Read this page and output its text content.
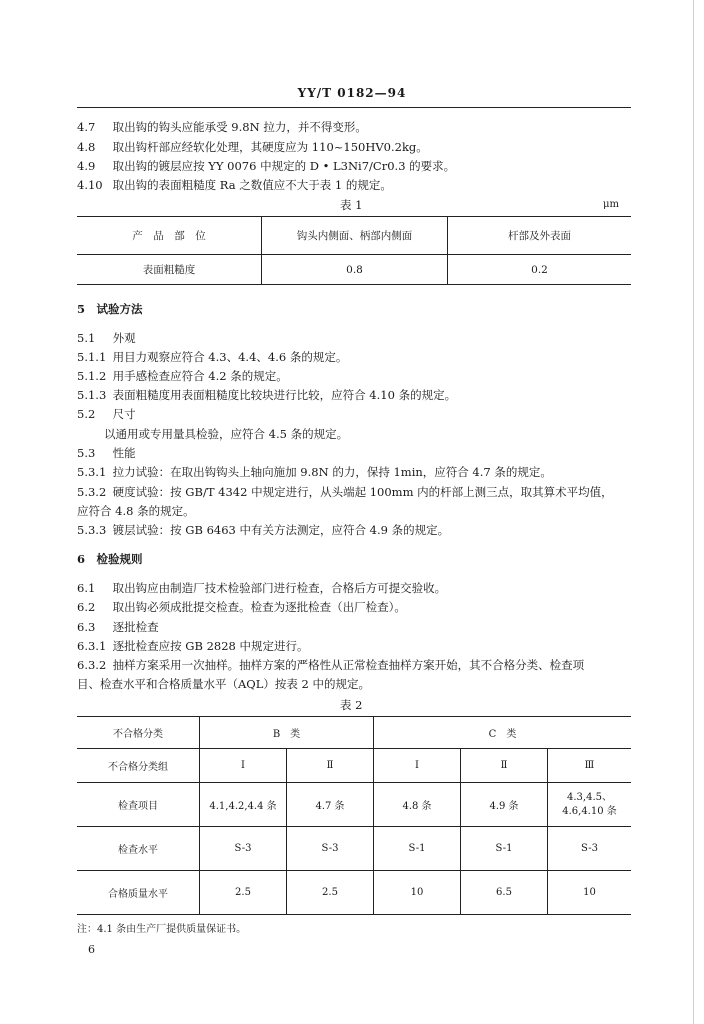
YY/T 0182—94
4.7 取出钩的钩头应能承受 9.8N 拉力，并不得变形。
4.8 取出钩杆部应经软化处理，其硬度应为 110~150HV0.2kg。
4.9 取出钩的镀层应按 YY 0076 中规定的 D • L3Ni7/Cr0.3 的要求。
4.10 取出钩的表面粗糙度 Ra 之数值应不大于表 1 的规定。
表 1	μm
产　品　部　位	钩头内侧面、柄部内侧面	杆部及外表面
表面粗糙度	0.8	0.2
5　试验方法
5.1 外观
5.1.1 用目力观察应符合 4.3、4.4、4.6 条的规定。
5.1.2 用手感检查应符合 4.2 条的规定。
5.1.3 表面粗糙度用表面粗糙度比较块进行比较，应符合 4.10 条的规定。
5.2 尺寸
以通用或专用量具检验，应符合 4.5 条的规定。
5.3 性能
5.3.1 拉力试验：在取出钩钩头上轴向施加 9.8N 的力，保持 1min，应符合 4.7 条的规定。
5.3.2 硬度试验：按 GB/T 4342 中规定进行，从头端起 100mm 内的杆部上测三点，取其算术平均值，
应符合 4.8 条的规定。
5.3.3 镀层试验：按 GB 6463 中有关方法测定，应符合 4.9 条的规定。
6　检验规则
6.1 取出钩应由制造厂技术检验部门进行检查，合格后方可提交验收。
6.2 取出钩必须成批提交检查。检查为逐批检查（出厂检查）。
6.3 逐批检查
6.3.1 逐批检查应按 GB 2828 中规定进行。
6.3.2 抽样方案采用一次抽样。抽样方案的严格性从正常检查抽样方案开始，其不合格分类、检查项
目、检查水平和合格质量水平（AQL）按表 2 中的规定。
表 2
不合格分类	B　类		C　类		
不合格分类组	Ⅰ	Ⅱ	Ⅰ	Ⅱ	Ⅲ
检查项目	4.1,4.2,4.4 条	4.7 条	4.8 条	4.9 条	4.3,4.5、
4.6,4.10 条
检查水平	S-3	S-3	S-1	S-1	S-3
合格质量水平	2.5	2.5	10	6.5	10
注：4.1 条由生产厂提供质量保证书。
6
